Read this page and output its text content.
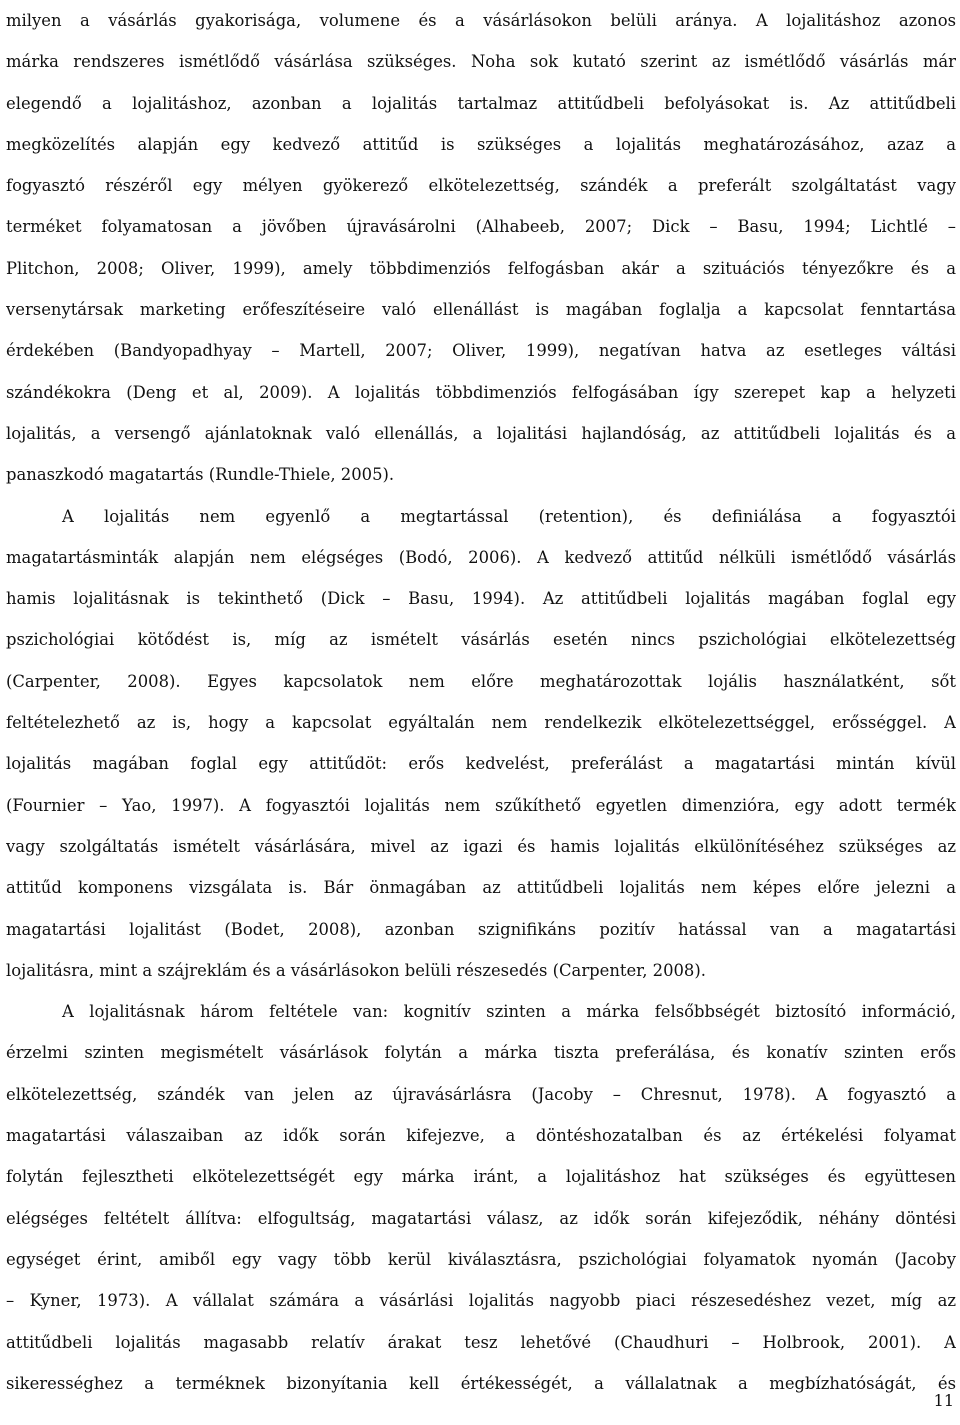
milyen a vásárlás gyakorisága, volumene és a vásárlásokon belüli aránya. A lojalitáshoz azonos
márka rendszeres ismétlődő vásárlása szükséges. Noha sok kutató szerint az ismétlődő vásárlás már
elegendő a lojalitáshoz, azonban a lojalitás tartalmaz attitűdbeli befolyásokat is. Az attitűdbeli
megközelítés alapján egy kedvező attitűd is szükséges a lojalitás meghatározásához, azaz a
fogyasztó részéről egy mélyen gyökerező elkötelezettség, szándék a preferált szolgáltatást vagy
terméket folyamatosan a jövőben újravásárolni (Alhabeeb, 2007; Dick – Basu, 1994; Lichtlé –
Plitchon, 2008; Oliver, 1999), amely többdimenziós felfogásban akár a szituációs tényezőkre és a
versenytársak marketing erőfeszítéseire való ellenállást is magában foglalja a kapcsolat fenntartása
érdekében (Bandyopadhyay – Martell, 2007; Oliver, 1999), negatívan hatva az esetleges váltási
szándékokra (Deng et al, 2009). A lojalitás többdimenziós felfogásában így szerepet kap a helyzeti
lojalitás, a versengő ajánlatoknak való ellenállás, a lojalitási hajlandóság, az attitűdbeli lojalitás és a
panaszkodó magatartás (Rundle-Thiele, 2005).

A lojalitás nem egyenlő a megtartással (retention), és definiálása a fogyasztói
magatartásminták alapján nem elégséges (Bodó, 2006). A kedvező attitűd nélküli ismétlődő vásárlás
hamis lojalitásnak is tekinthető (Dick – Basu, 1994). Az attitűdbeli lojalitás magában foglal egy
pszichológiai kötődést is, míg az ismételt vásárlás esetén nincs pszichológiai elkötelezettség
(Carpenter, 2008). Egyes kapcsolatok nem előre meghatározottak lojális használatként, sőt
feltételezhető az is, hogy a kapcsolat egyáltalán nem rendelkezik elkötelezettséggel, erősséggel. A
lojalitás magában foglal egy attitűdöt: erős kedvelést, preferálást a magatartási mintán kívül
(Fournier – Yao, 1997). A fogyasztói lojalitás nem szűkíthető egyetlen dimenzióra, egy adott termék
vagy szolgáltatás ismételt vásárlására, mivel az igazi és hamis lojalitás elkülönítéséhez szükséges az
attitűd komponens vizsgálata is. Bár önmagában az attitűdbeli lojalitás nem képes előre jelezni a
magatartási lojalitást (Bodet, 2008), azonban szignifikáns pozitív hatással van a magatartási
lojalitásra, mint a szájreklám és a vásárlásokon belüli részesedés (Carpenter, 2008).

A lojalitásnak három feltétele van: kognitív szinten a márka felsőbbségét biztosító információ,
érzelmi szinten megismételt vásárlások folytán a márka tiszta preferálása, és konatív szinten erős
elkötelezettség, szándék van jelen az újravásárlásra (Jacoby – Chresnut, 1978). A fogyasztó a
magatartási válaszaiban az idők során kifejezve, a döntéshozatalban és az értékelési folyamat
folytán fejlesztheti elkötelezettségét egy márka iránt, a lojalitáshoz hat szükséges és együttesen
elégséges feltételt állítva: elfogultság, magatartási válasz, az idők során kifejeződik, néhány döntési
egységet érint, amiből egy vagy több kerül kiválasztásra, pszichológiai folyamatok nyomán (Jacoby
– Kyner, 1973). A vállalat számára a vásárlási lojalitás nagyobb piaci részesedéshez vezet, míg az
attitűdbeli lojalitás magasabb relatív árakat tesz lehetővé (Chaudhuri – Holbrook, 2001). A
sikerességhez a terméknek bizonyítania kell értékességét, a vállalatnak a megbízhatóságát, és

11
